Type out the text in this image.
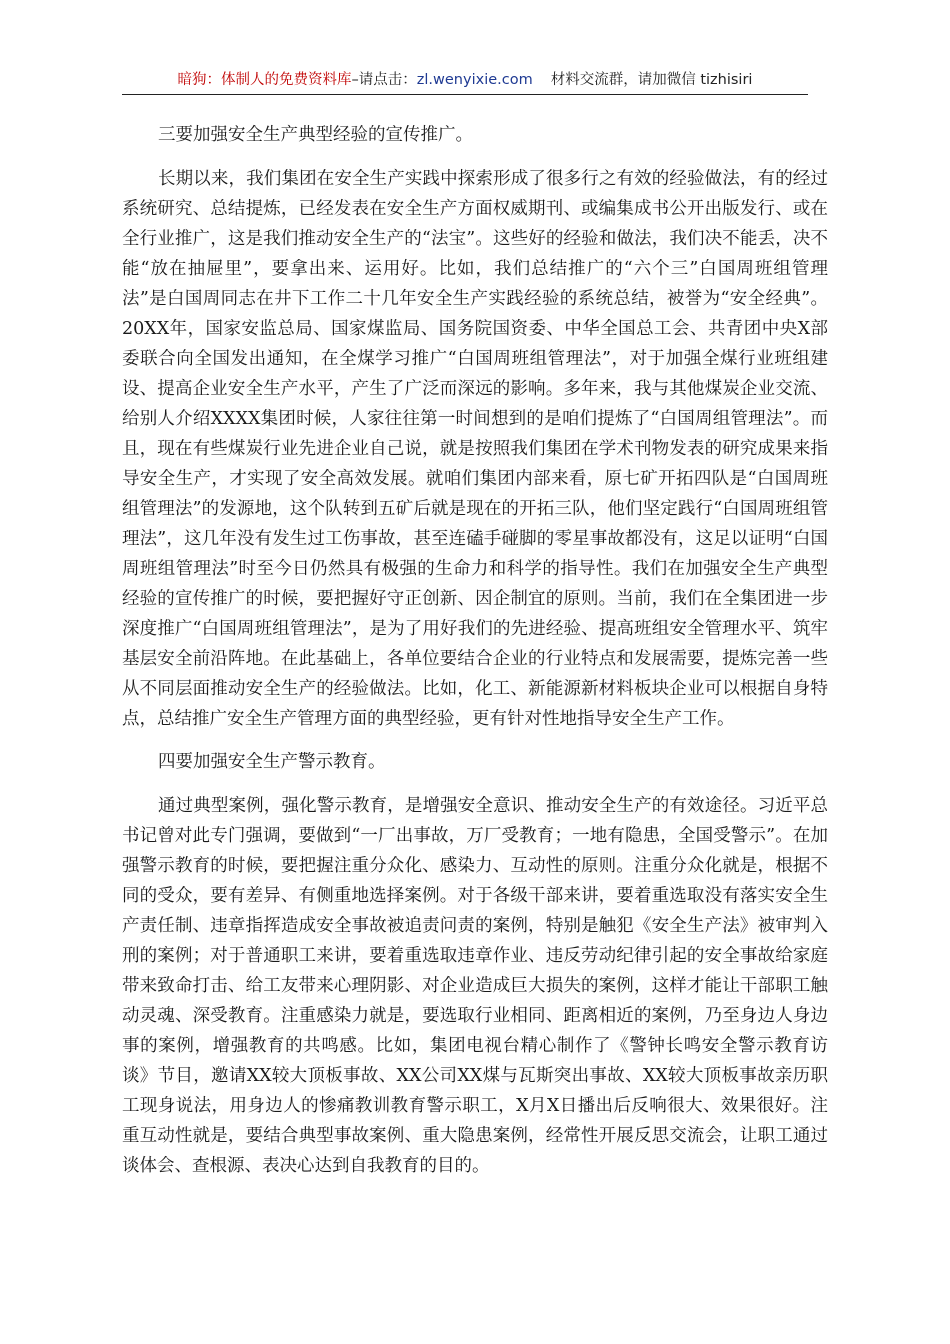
暗狗：体制人的免费资料库–请点击：zl.wenyixie.com 材料交流群，请加微信 tizhisiri

三要加强安全生产典型经验的宣传推广。

长期以来，我们集团在安全生产实践中探索形成了很多行之有效的经验做法，有的经过系统研究、总结提炼，已经发表在安全生产方面权威期刊、或编集成书公开出版发行、或在全行业推广，这是我们推动安全生产的“法宝”。这些好的经验和做法，我们决不能丢，决不能“放在抽屉里”，要拿出来、运用好。比如，我们总结推广的“六个三”白国周班组管理法”是白国周同志在井下工作二十几年安全生产实践经验的系统总结，被誉为“安全经典”。20XX年，国家安监总局、国家煤监局、国务院国资委、中华全国总工会、共青团中央X部委联合向全国发出通知，在全煤学习推广“白国周班组管理法”，对于加强全煤行业班组建设、提高企业安全生产水平，产生了广泛而深远的影响。多年来，我与其他煤炭企业交流、给别人介绍XXXX集团时候，人家往往第一时间想到的是咱们提炼了“白国周组管理法”。而且，现在有些煤炭行业先进企业自己说，就是按照我们集团在学术刊物发表的研究成果来指导安全生产，才实现了安全高效发展。就咱们集团内部来看，原七矿开拓四队是“白国周班组管理法”的发源地，这个队转到五矿后就是现在的开拓三队，他们坚定践行“白国周班组管理法”，这几年没有发生过工伤事故，甚至连磕手碰脚的零星事故都没有，这足以证明“白国周班组管理法”时至今日仍然具有极强的生命力和科学的指导性。我们在加强安全生产典型经验的宣传推广的时候，要把握好守正创新、因企制宜的原则。当前，我们在全集团进一步深度推广“白国周班组管理法”，是为了用好我们的先进经验、提高班组安全管理水平、筑牢基层安全前沿阵地。在此基础上，各单位要结合企业的行业特点和发展需要，提炼完善一些从不同层面推动安全生产的经验做法。比如，化工、新能源新材料板块企业可以根据自身特点，总结推广安全生产管理方面的典型经验，更有针对性地指导安全生产工作。

四要加强安全生产警示教育。

通过典型案例，强化警示教育，是增强安全意识、推动安全生产的有效途径。习近平总书记曾对此专门强调，要做到“一厂出事故，万厂受教育；一地有隐患，全国受警示”。在加强警示教育的时候，要把握注重分众化、感染力、互动性的原则。注重分众化就是，根据不同的受众，要有差异、有侧重地选择案例。对于各级干部来讲，要着重选取没有落实安全生产责任制、违章指挥造成安全事故被追责问责的案例，特别是触犯《安全生产法》被审判入刑的案例；对于普通职工来讲，要着重选取违章作业、违反劳动纪律引起的安全事故给家庭带来致命打击、给工友带来心理阴影、对企业造成巨大损失的案例，这样才能让干部职工触动灵魂、深受教育。注重感染力就是，要选取行业相同、距离相近的案例，乃至身边人身边事的案例，增强教育的共鸣感。比如，集团电视台精心制作了《警钟长鸣安全警示教育访谈》节目，邀请XX较大顶板事故、XX公司XX煤与瓦斯突出事故、XX较大顶板事故亲历职工现身说法，用身边人的惨痛教训教育警示职工，X月X日播出后反响很大、效果很好。注重互动性就是，要结合典型事故案例、重大隐患案例，经常性开展反思交流会，让职工通过谈体会、查根源、表决心达到自我教育的目的。
